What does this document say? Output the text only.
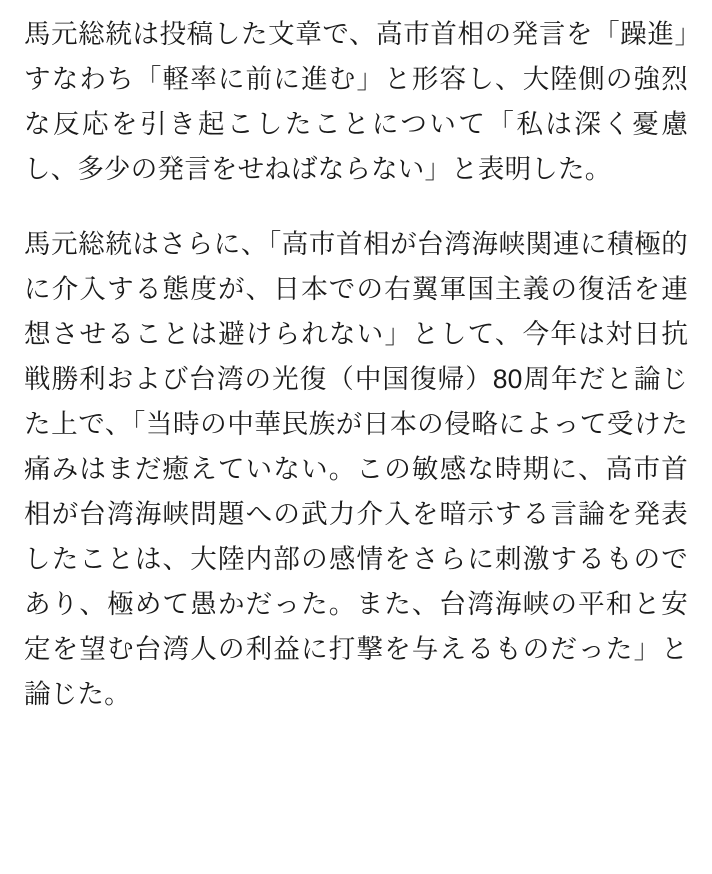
馬元総統は投稿した文章で、高市首相の発言を「躁進」すなわち「軽率に前に進む」と形容し、大陸側の強烈な反応を引き起こしたことについて「私は深く憂慮し、多少の発言をせねばならない」と表明した。

馬元総統はさらに、「高市首相が台湾海峡関連に積極的に介入する態度が、日本での右翼軍国主義の復活を連想させることは避けられない」として、今年は対日抗戦勝利および台湾の光復（中国復帰）80周年だと論じた上で、「当時の中華民族が日本の侵略によって受けた痛みはまだ癒えていない。この敏感な時期に、高市首相が台湾海峡問題への武力介入を暗示する言論を発表したことは、大陸内部の感情をさらに刺激するものであり、極めて愚かだった。また、台湾海峡の平和と安定を望む台湾人の利益に打撃を与えるものだった」と論じた。
